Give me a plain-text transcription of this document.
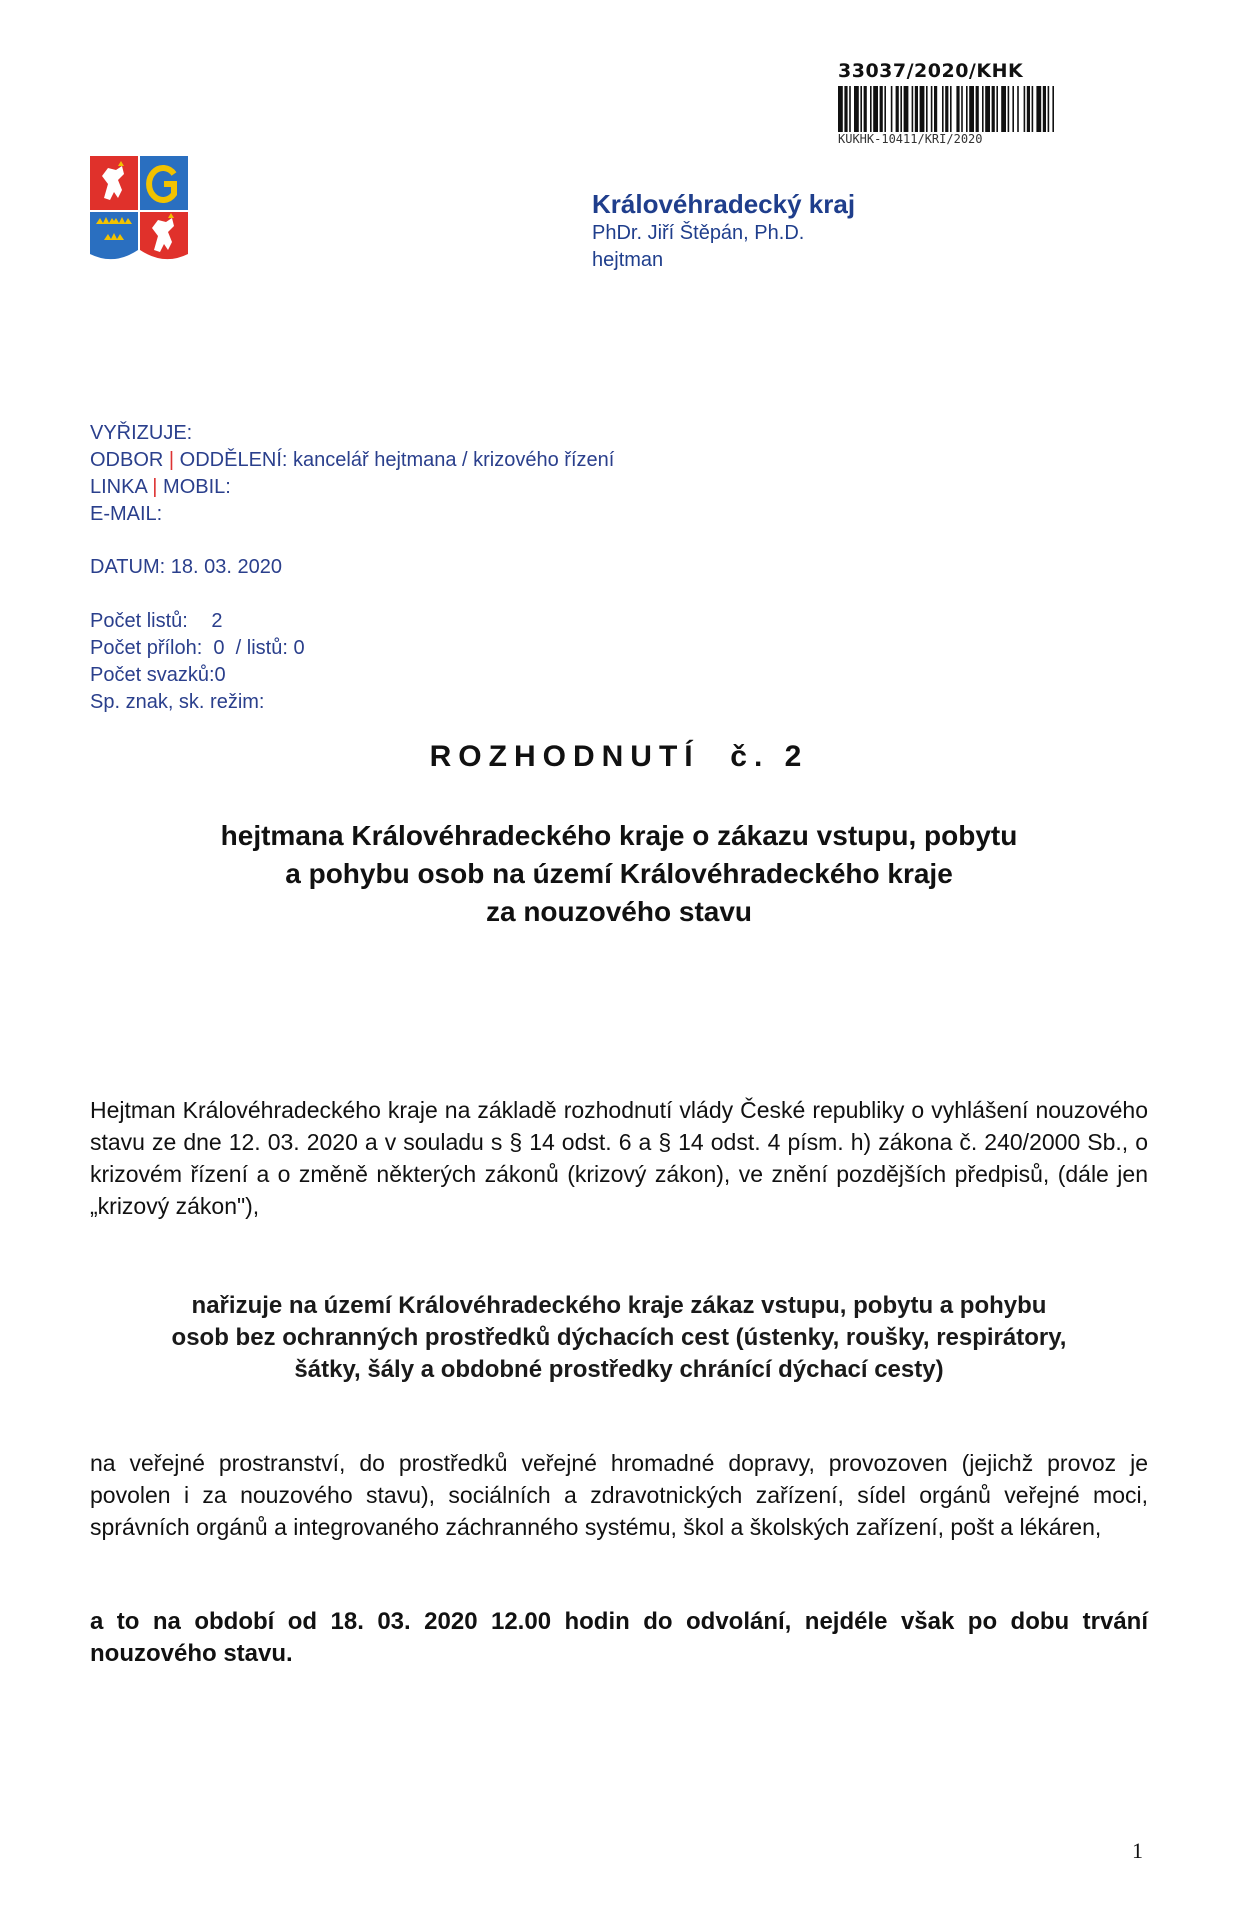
33037/2020/KHK
KUKHK-10411/KRI/2020
Královéhradecký kraj
PhDr. Jiří Štěpán, Ph.D.
hejtman
VYŘIZUJE:
ODBOR | ODDĚLENÍ: kancelář hejtmana / krizového řízení
LINKA | MOBIL:
E-MAIL:
DATUM: 18. 03. 2020
Počet listů: 2
Počet příloh: 0  / listů: 0
Počet svazků:0
Sp. znak, sk. režim:
ROZHODNUTÍ  č. 2
hejtmana Královéhradeckého kraje o zákazu vstupu, pobytu
a pohybu osob na území Královéhradeckého kraje
za nouzového stavu
Hejtman Královéhradeckého kraje na základě rozhodnutí vlády České republiky o vyhlášení nouzového stavu ze dne 12. 03. 2020 a v souladu s § 14 odst. 6 a § 14 odst. 4 písm. h) zákona č. 240/2000 Sb., o krizovém řízení a o změně některých zákonů (krizový zákon), ve znění pozdějších předpisů, (dále jen „krizový zákon"),
nařizuje na území Královéhradeckého kraje zákaz vstupu, pobytu a pohybu
osob bez ochranných prostředků dýchacích cest (ústenky, roušky, respirátory,
šátky, šály a obdobné prostředky chránící dýchací cesty)
na veřejné prostranství, do prostředků veřejné hromadné dopravy, provozoven (jejichž provoz je povolen i za nouzového stavu), sociálních a zdravotnických zařízení, sídel orgánů veřejné moci, správních orgánů a integrovaného záchranného systému, škol a školských zařízení, pošt a lékáren,
a to na období od 18. 03. 2020 12.00 hodin do odvolání, nejdéle však po dobu trvání nouzového stavu.
1
